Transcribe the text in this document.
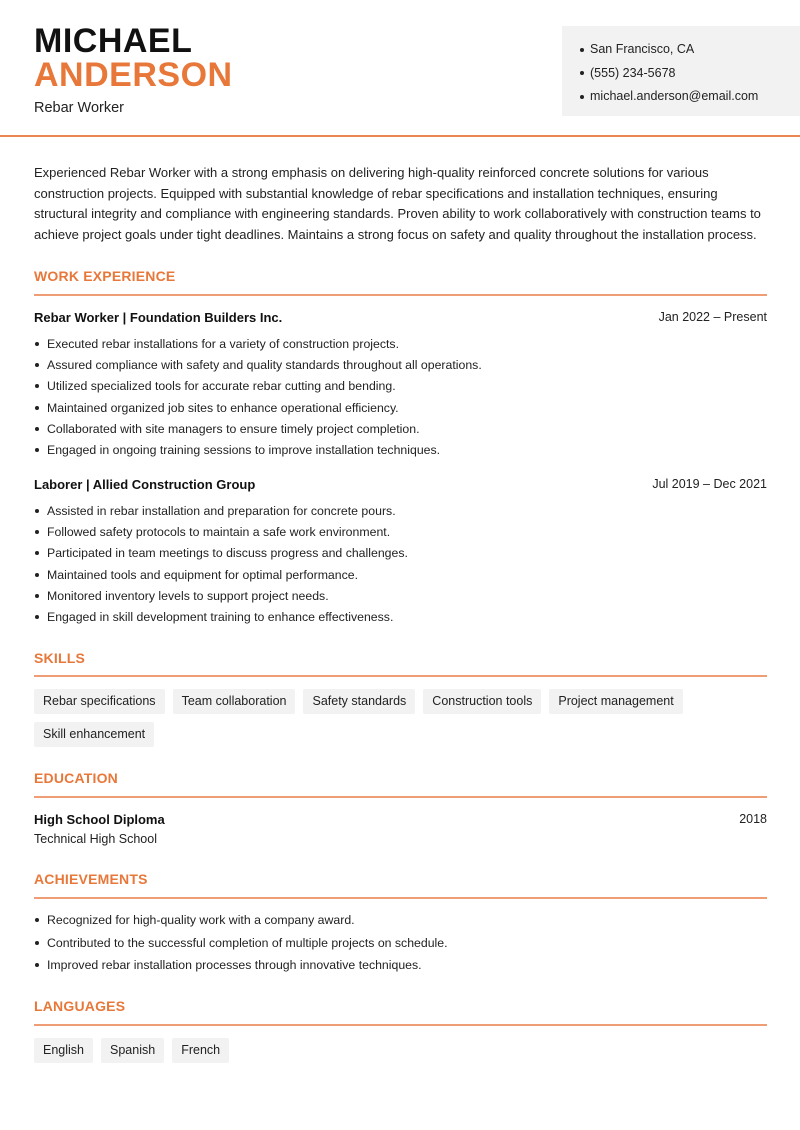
MICHAEL
ANDERSON
Rebar Worker
San Francisco, CA
(555) 234-5678
michael.anderson@email.com
Experienced Rebar Worker with a strong emphasis on delivering high-quality reinforced concrete solutions for various construction projects. Equipped with substantial knowledge of rebar specifications and installation techniques, ensuring structural integrity and compliance with engineering standards. Proven ability to work collaboratively with construction teams to achieve project goals under tight deadlines. Maintains a strong focus on safety and quality throughout the installation process.
WORK EXPERIENCE
Rebar Worker | Foundation Builders Inc.	Jan 2022 – Present
Executed rebar installations for a variety of construction projects.
Assured compliance with safety and quality standards throughout all operations.
Utilized specialized tools for accurate rebar cutting and bending.
Maintained organized job sites to enhance operational efficiency.
Collaborated with site managers to ensure timely project completion.
Engaged in ongoing training sessions to improve installation techniques.
Laborer | Allied Construction Group	Jul 2019 – Dec 2021
Assisted in rebar installation and preparation for concrete pours.
Followed safety protocols to maintain a safe work environment.
Participated in team meetings to discuss progress and challenges.
Maintained tools and equipment for optimal performance.
Monitored inventory levels to support project needs.
Engaged in skill development training to enhance effectiveness.
SKILLS
Rebar specifications	Team collaboration	Safety standards	Construction tools	Project management
Skill enhancement
EDUCATION
High School Diploma
Technical High School
2018
ACHIEVEMENTS
Recognized for high-quality work with a company award.
Contributed to the successful completion of multiple projects on schedule.
Improved rebar installation processes through innovative techniques.
LANGUAGES
English	Spanish	French
